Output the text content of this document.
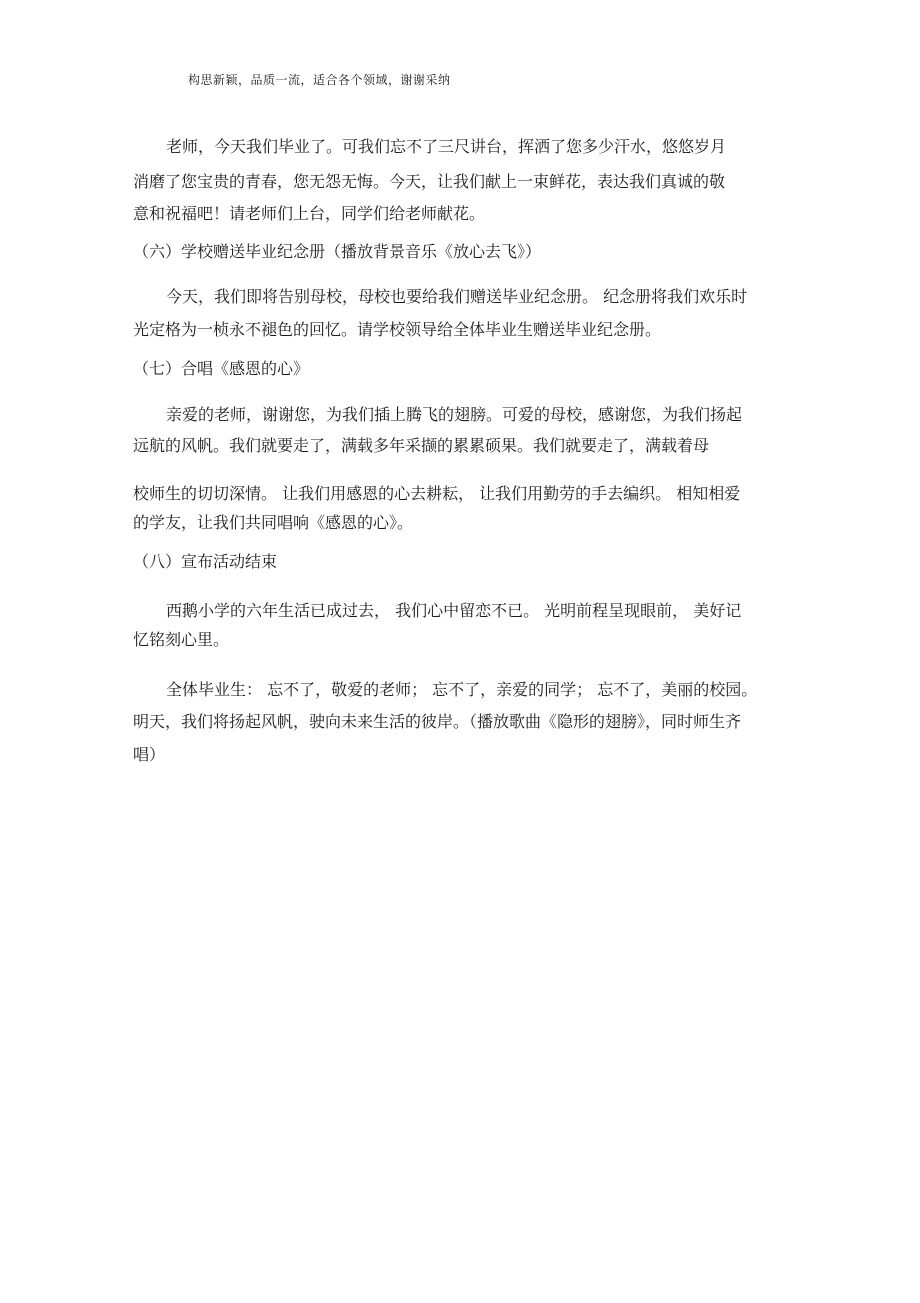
构思新颖，品质一流，适合各个领域，谢谢采纳
老师，今天我们毕业了。可我们忘不了三尺讲台，挥洒了您多少汗水，悠悠岁月
消磨了您宝贵的青春，您无怨无悔。今天，让我们献上一束鲜花，表达我们真诚的敬
意和祝福吧！请老师们上台，同学们给老师献花。
（六）学校赠送毕业纪念册（播放背景音乐《放心去飞》）
今天，我们即将告别母校，母校也要给我们赠送毕业纪念册。 纪念册将我们欢乐时
光定格为一桢永不褪色的回忆。请学校领导给全体毕业生赠送毕业纪念册。
（七）合唱《感恩的心》
亲爱的老师，谢谢您，为我们插上腾飞的翅膀。可爱的母校，感谢您，为我们扬起
远航的风帆。我们就要走了，满载多年采撷的累累硕果。我们就要走了，满载着母
校师生的切切深情。 让我们用感恩的心去耕耘， 让我们用勤劳的手去编织。 相知相爱
的学友，让我们共同唱响《感恩的心》。
（八）宣布活动结束
西鹅小学的六年生活已成过去， 我们心中留恋不已。 光明前程呈现眼前， 美好记
忆铭刻心里。
全体毕业生： 忘不了，敬爱的老师； 忘不了，亲爱的同学； 忘不了，美丽的校园。
明天，我们将扬起风帆，驶向未来生活的彼岸。（播放歌曲《隐形的翅膀》，同时师生齐
唱）
